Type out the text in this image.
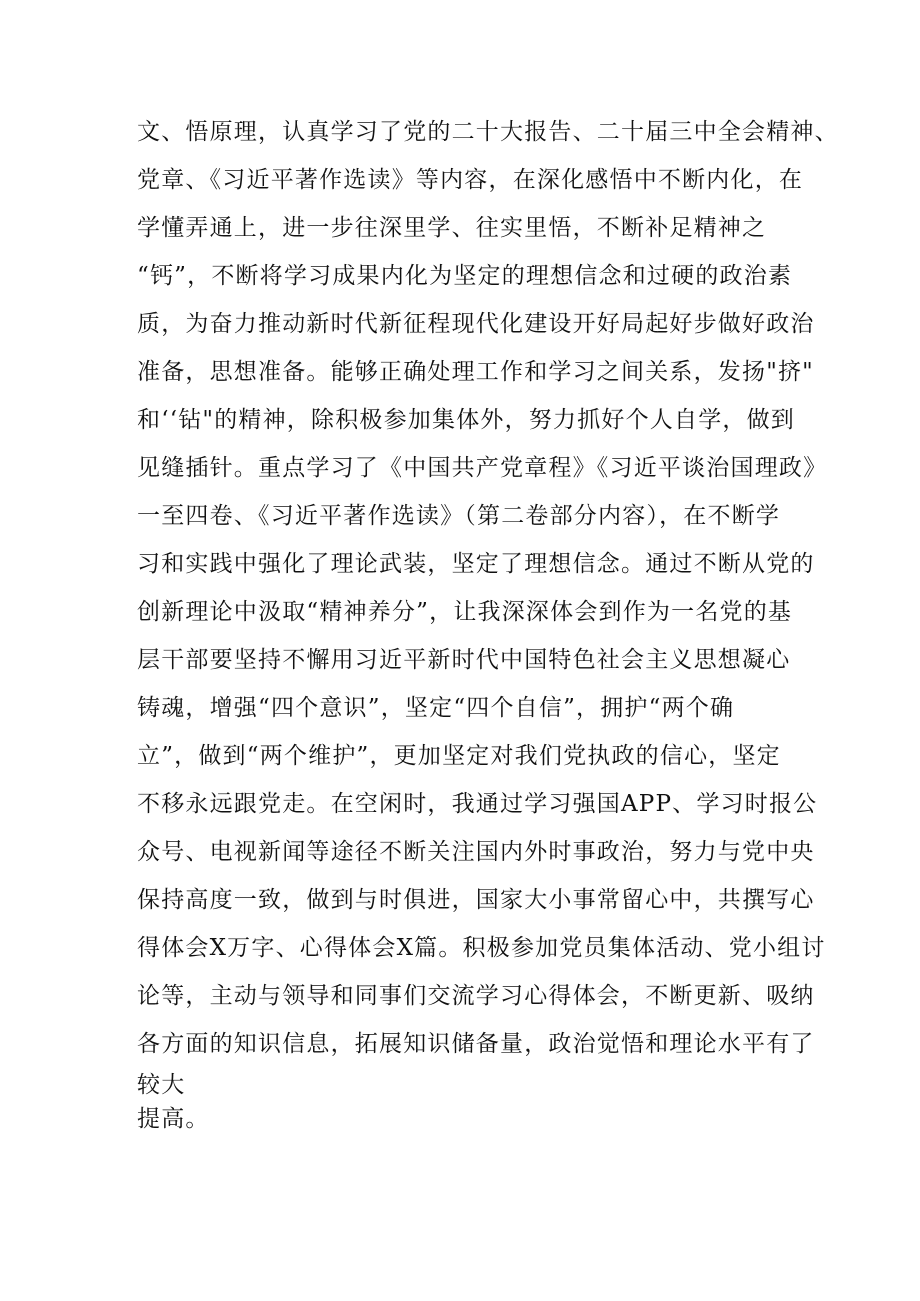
文、悟原理，认真学习了党的二十大报告、二十届三中全会精神、
党章、《习近平著作选读》等内容，在深化感悟中不断内化，在
学懂弄通上，进一步往深里学、往实里悟，不断补足精神之
“钙”，不断将学习成果内化为坚定的理想信念和过硬的政治素
质，为奋力推动新时代新征程现代化建设开好局起好步做好政治
准备，思想准备。能够正确处理工作和学习之间关系，发扬"挤"
和‘‘钻"的精神，除积极参加集体外，努力抓好个人自学，做到
见缝插针。重点学习了《中国共产党章程》《习近平谈治国理政》
一至四卷、《习近平著作选读》（第二卷部分内容），在不断学
习和实践中强化了理论武装，坚定了理想信念。通过不断从党的
创新理论中汲取“精神养分”，让我深深体会到作为一名党的基
层干部要坚持不懈用习近平新时代中国特色社会主义思想凝心
铸魂，增强“四个意识”，坚定“四个自信”，拥护“两个确
立”，做到“两个维护”，更加坚定对我们党执政的信心，坚定
不移永远跟党走。在空闲时，我通过学习强国APP、学习时报公
众号、电视新闻等途径不断关注国内外时事政治，努力与党中央
保持高度一致，做到与时俱进，国家大小事常留心中，共撰写心
得体会X万字、心得体会X篇。积极参加党员集体活动、党小组讨
论等，主动与领导和同事们交流学习心得体会，不断更新、吸纳
各方面的知识信息，拓展知识储备量，政治觉悟和理论水平有了
较大
提高。
